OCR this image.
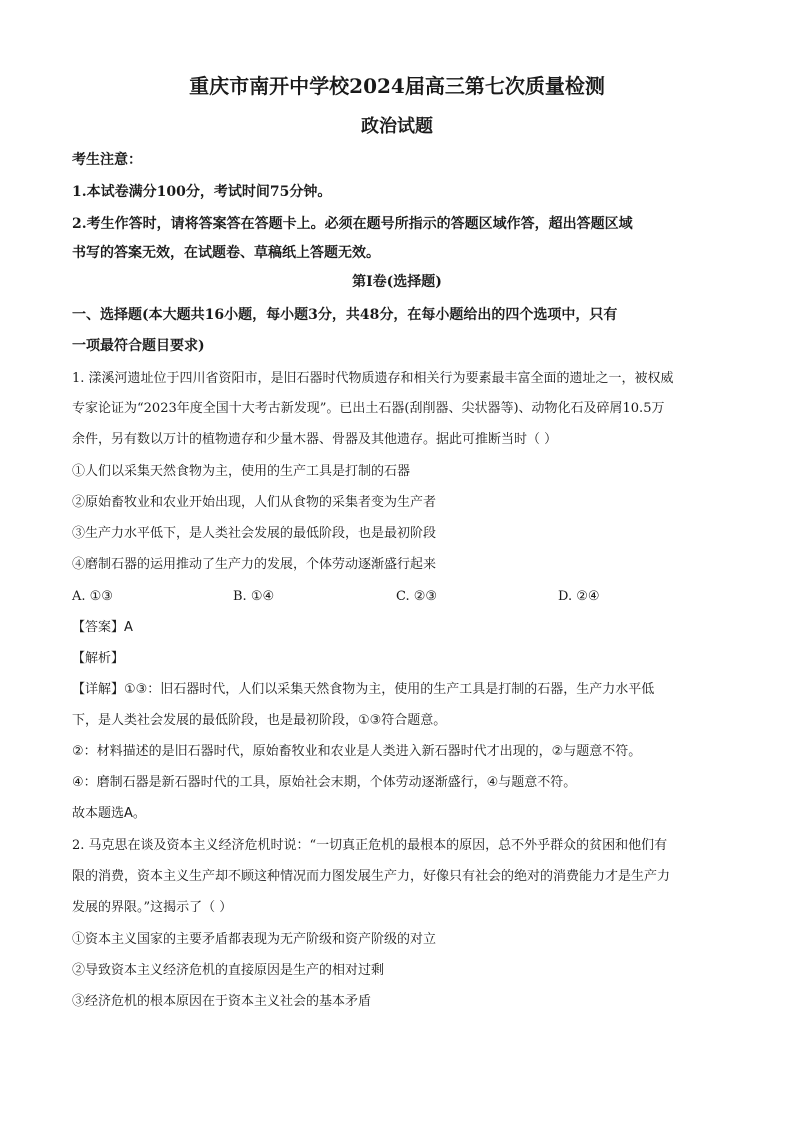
重庆市南开中学校2024届高三第七次质量检测
政治试题
考生注意：
1.本试卷满分100分，考试时间75分钟。
2.考生作答时，请将答案答在答题卡上。必须在题号所指示的答题区域作答，超出答题区域
书写的答案无效，在试题卷、草稿纸上答题无效。
第I卷(选择题)
一、选择题(本大题共16小题，每小题3分，共48分，在每小题给出的四个选项中，只有
一项最符合题目要求)
1. 漾溪河遗址位于四川省资阳市，是旧石器时代物质遗存和相关行为要素最丰富全面的遗址之一，被权威
专家论证为“2023年度全国十大考古新发现”。已出土石器(刮削器、尖状器等)、动物化石及碎屑10.5万
余件，另有数以万计的植物遗存和少量木器、骨器及其他遗存。据此可推断当时（ ）
①人们以采集天然食物为主，使用的生产工具是打制的石器
②原始畜牧业和农业开始出现，人们从食物的采集者变为生产者
③生产力水平低下，是人类社会发展的最低阶段，也是最初阶段
④磨制石器的运用推动了生产力的发展，个体劳动逐渐盛行起来
A. ①③	B. ①④	C. ②③	D. ②④
【答案】A
【解析】
【详解】①③：旧石器时代，人们以采集天然食物为主，使用的生产工具是打制的石器，生产力水平低
下，是人类社会发展的最低阶段，也是最初阶段，①③符合题意。
②：材料描述的是旧石器时代，原始畜牧业和农业是人类进入新石器时代才出现的，②与题意不符。
④：磨制石器是新石器时代的工具，原始社会末期，个体劳动逐渐盛行，④与题意不符。
故本题选A。
2. 马克思在谈及资本主义经济危机时说：“一切真正危机的最根本的原因，总不外乎群众的贫困和他们有
限的消费，资本主义生产却不顾这种情况而力图发展生产力，好像只有社会的绝对的消费能力才是生产力
发展的界限。”这揭示了（ ）
①资本主义国家的主要矛盾都表现为无产阶级和资产阶级的对立
②导致资本主义经济危机的直接原因是生产的相对过剩
③经济危机的根本原因在于资本主义社会的基本矛盾
